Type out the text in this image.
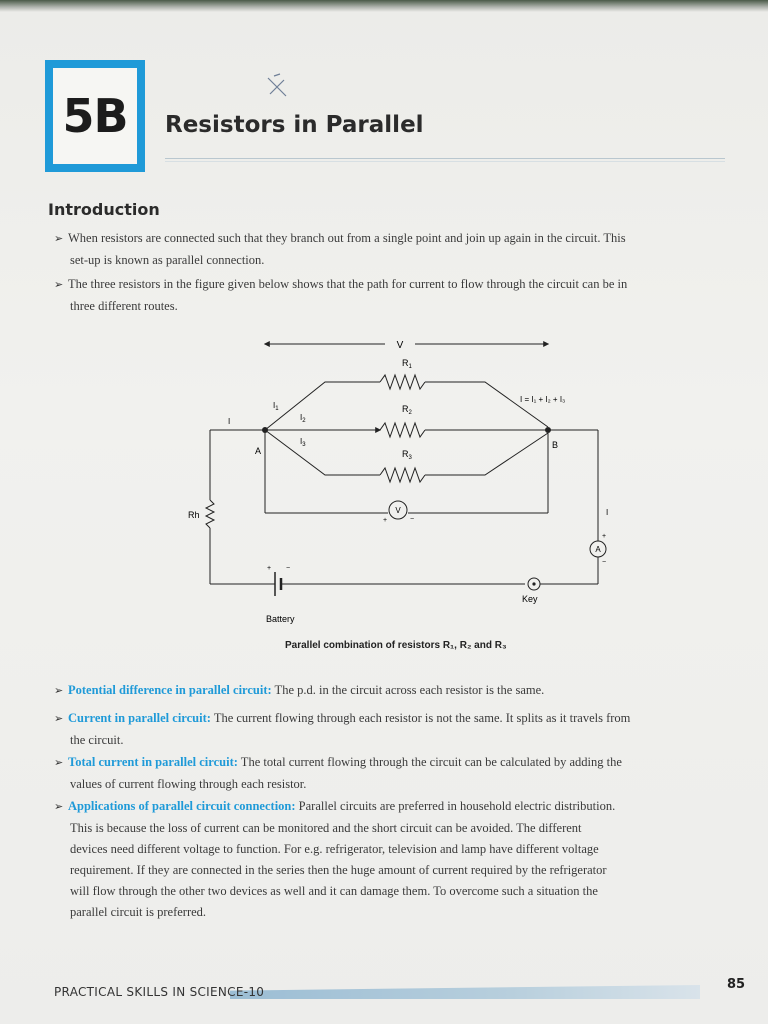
5B	Resistors in Parallel
Introduction
➢ When resistors are connected such that they branch out from a single point and join up again in the circuit. This
set-up is known as parallel connection.
➢ The three resistors in the figure given below shows that the path for current to flow through the circuit can be in
three different routes.
V
I
A
$R_1$
$I_1$	$R_2$
$I_2$
$R_3$
$I_3$	B
I = I₁ + I₂ + I₃
I
V
+	−
Rh
+ −
Battery
Key
A
+
−
Parallel combination of resistors R₁, R₂ and R₃
➢ Potential difference in parallel circuit: The p.d. in the circuit across each resistor is the same.
➢ Current in parallel circuit: The current flowing through each resistor is not the same. It splits as it travels from
the circuit.
➢ Total current in parallel circuit: The total current flowing through the circuit can be calculated by adding the
values of current flowing through each resistor.
➢ Applications of parallel circuit connection: Parallel circuits are preferred in household electric distribution.
This is because the loss of current can be monitored and the short circuit can be avoided. The different
devices need different voltage to function. For e.g. refrigerator, television and lamp have different voltage
requirement. If they are connected in the series then the huge amount of current required by the refrigerator
will flow through the other two devices as well and it can damage them. To overcome such a situation the
parallel circuit is preferred.
PRACTICAL SKILLS IN SCIENCE-10	85
